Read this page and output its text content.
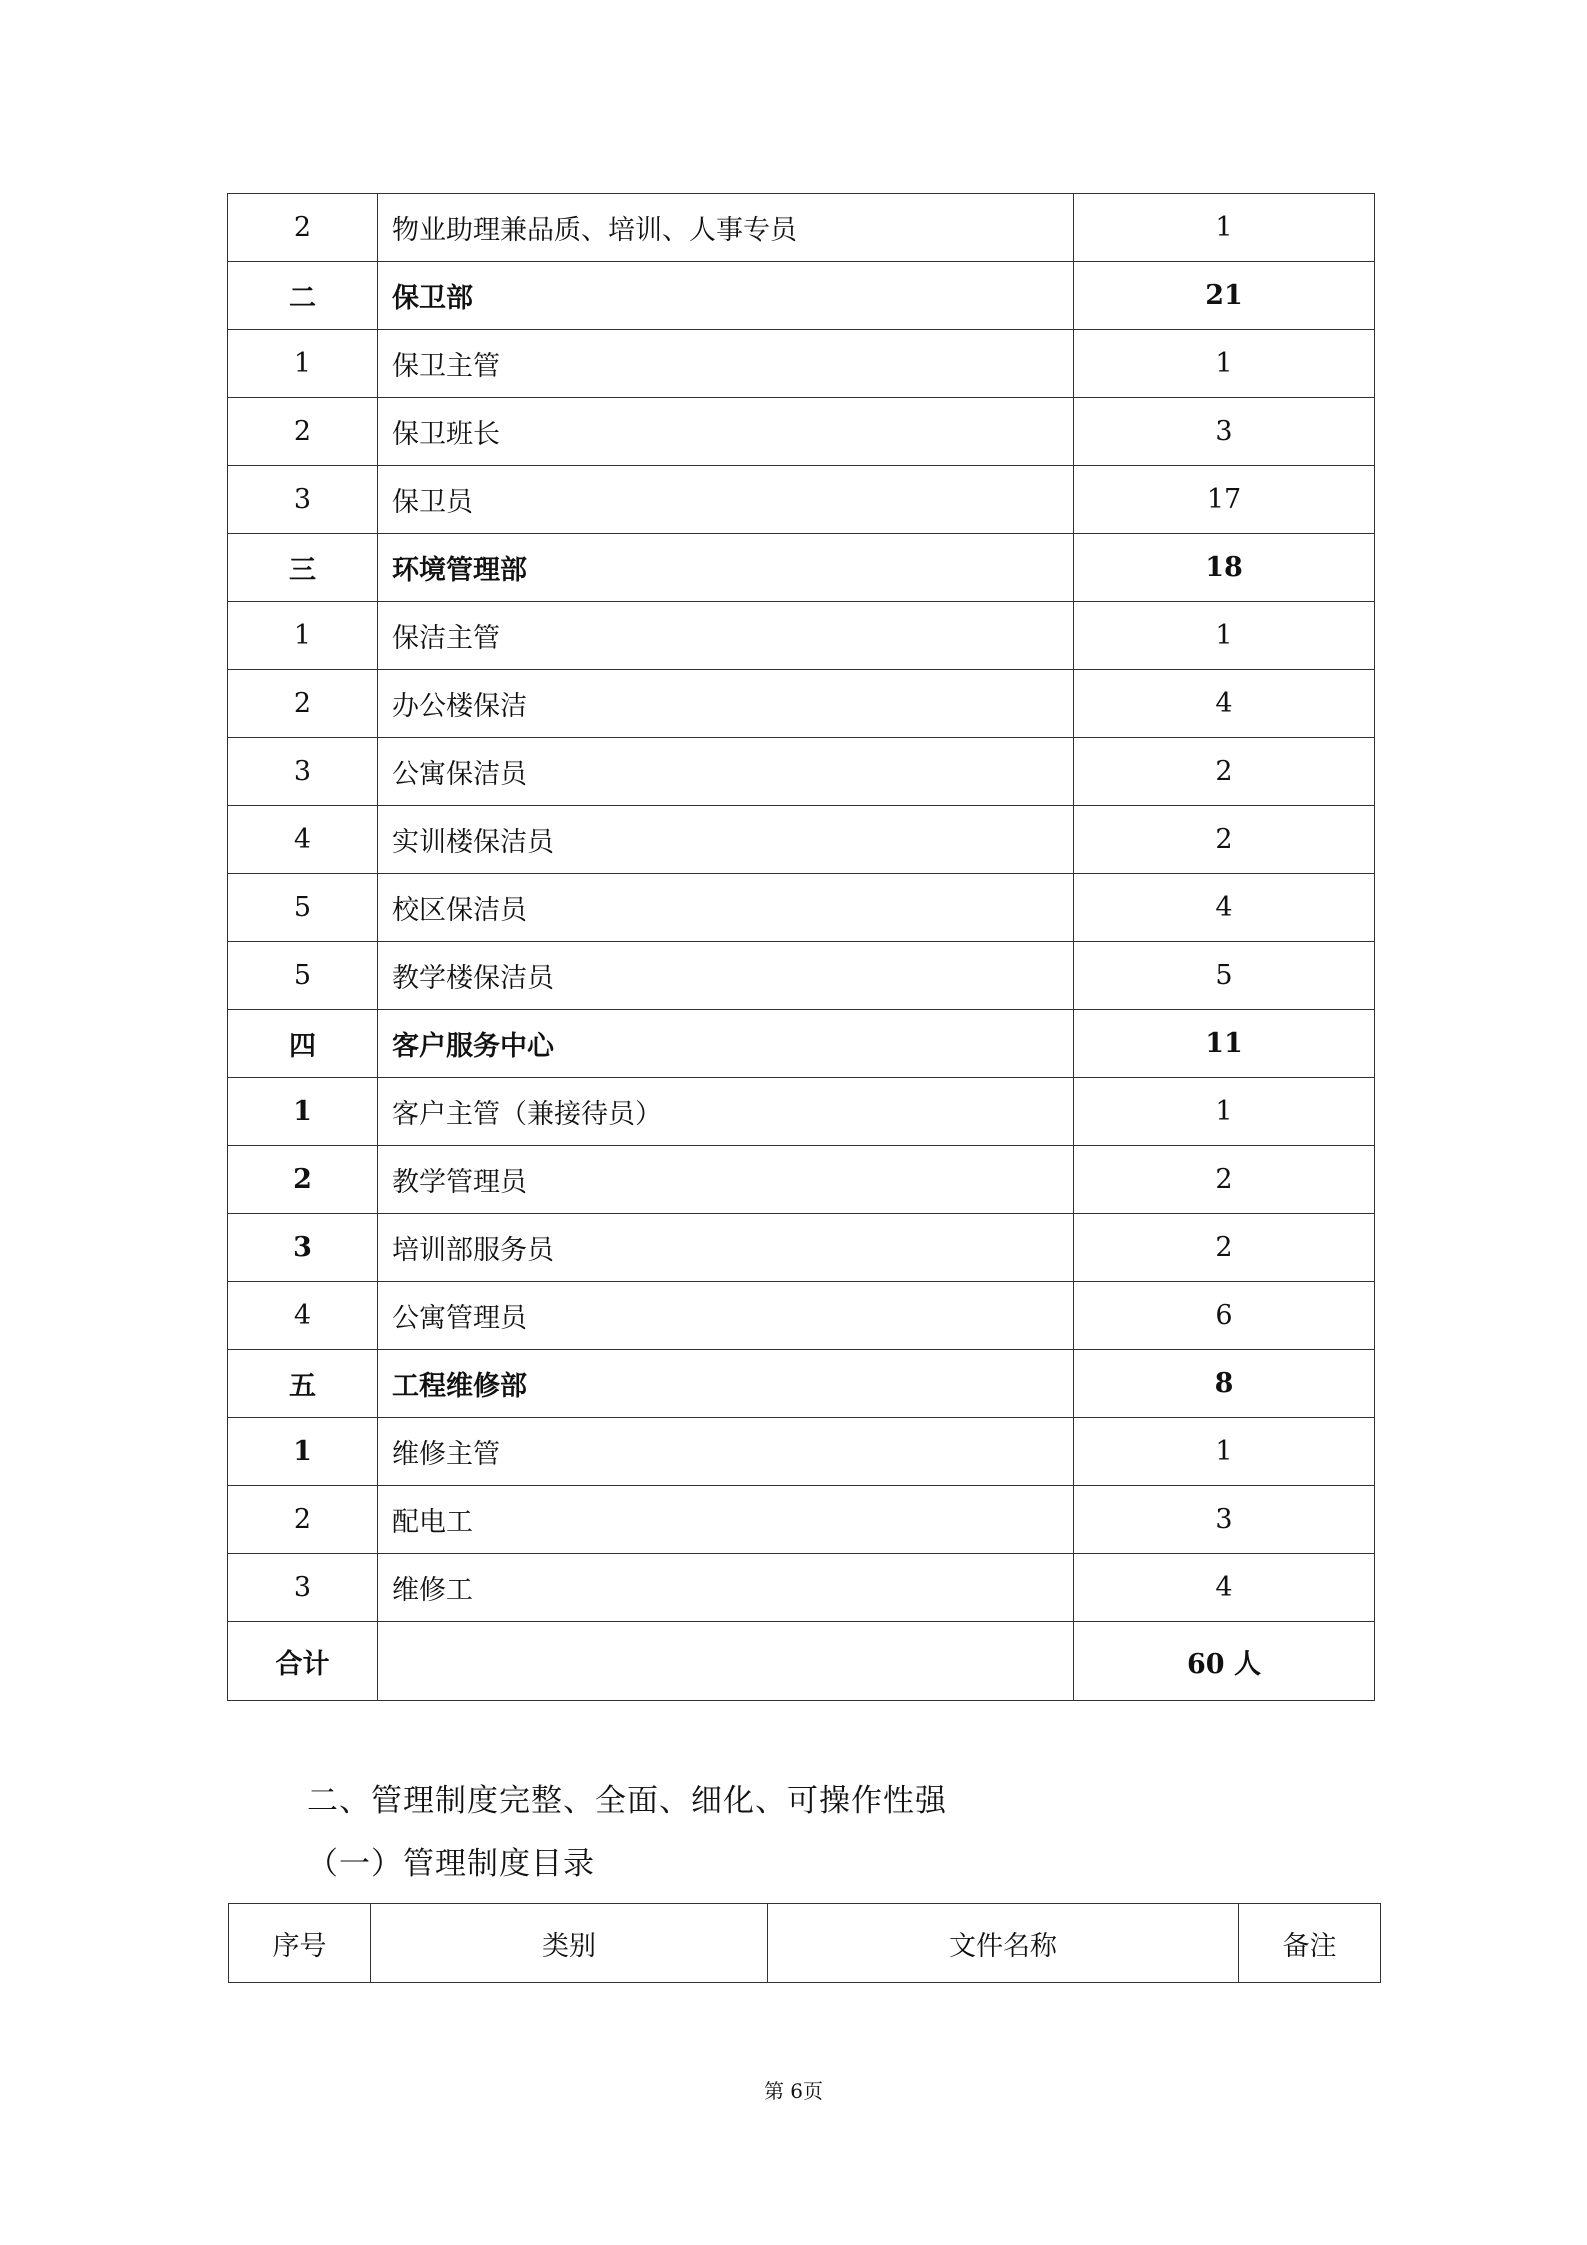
2	物业助理兼品质、培训、人事专员	1
二	保卫部	21
1	保卫主管	1
2	保卫班长	3
3	保卫员	17
三	环境管理部	18
1	保洁主管	1
2	办公楼保洁	4
3	公寓保洁员	2
4	实训楼保洁员	2
5	校区保洁员	4
5	教学楼保洁员	5
四	客户服务中心	11
1	客户主管（兼接待员）	1
2	教学管理员	2
3	培训部服务员	2
4	公寓管理员	6
五	工程维修部	8
1	维修主管	1
2	配电工	3
3	维修工	4
合计		60 人
二、管理制度完整、全面、细化、可操作性强
（一）管理制度目录
序号	类别	文件名称	备注
第 6页
